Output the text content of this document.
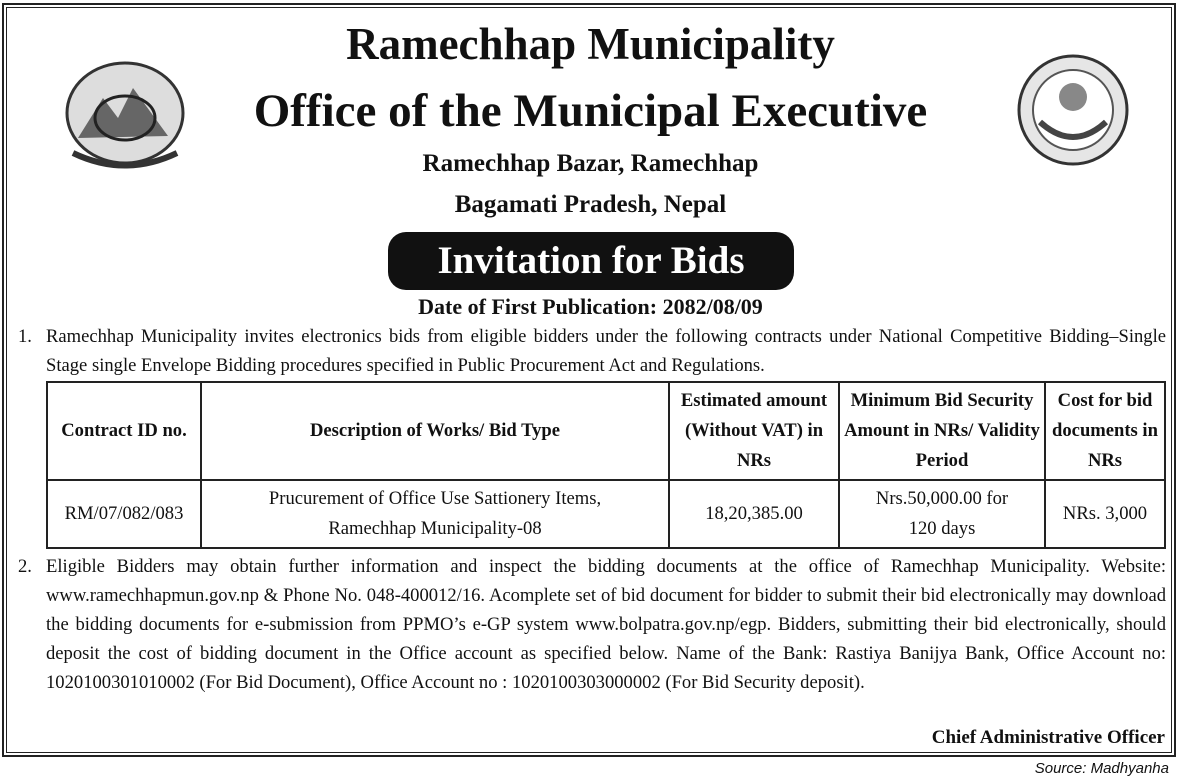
Ramechhap Municipality
Office of the Municipal Executive
Ramechhap Bazar, Ramechhap
Bagamati Pradesh, Nepal
Invitation for Bids
Date of First Publication: 2082/08/09
1. Ramechhap Municipality invites electronics bids from eligible bidders under the following contracts under National Competitive Bidding–Single Stage single Envelope Bidding procedures specified in Public Procurement Act and Regulations.
Contract ID no.	Description of Works/ Bid Type	Estimated amount (Without VAT) in NRs	Minimum Bid Security Amount in NRs/ Validity Period	Cost for bid documents in NRs
RM/07/082/083	Prucurement of Office Use Sattionery Items, Ramechhap Municipality-08	18,20,385.00	Nrs.50,000.00 for 120 days	NRs. 3,000
2. Eligible Bidders may obtain further information and inspect the bidding documents at the office of Ramechhap Municipality. Website: www.ramechhapmun.gov.np & Phone No. 048-400012/16. Acomplete set of bid document for bidder to submit their bid electronically may download the bidding documents for e-submission from PPMO’s e-GP system www.bolpatra.gov.np/egp. Bidders, submitting their bid electronically, should deposit the cost of bidding document in the Office account as specified below. Name of the Bank: Rastiya Banijya Bank, Office Account no: 1020100301010002 (For Bid Document), Office Account no : 1020100303000002 (For Bid Security deposit).
Chief Administrative Officer
Source: Madhyanha
